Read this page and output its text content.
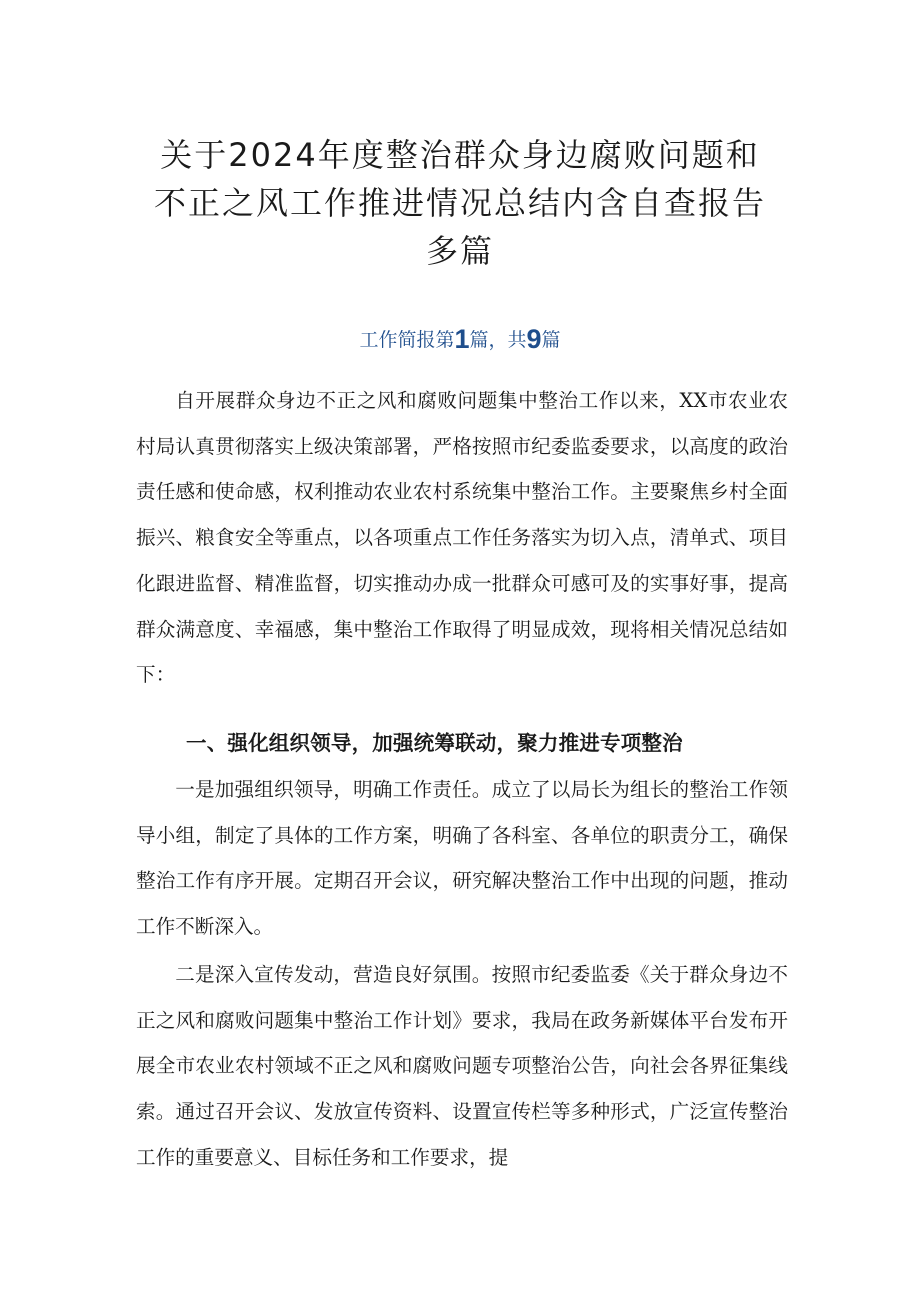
关于2024年度整治群众身边腐败问题和不正之风工作推进情况总结内含自查报告多篇
工作简报第1篇，共9篇

自开展群众身边不正之风和腐败问题集中整治工作以来，XX市农业农村局认真贯彻落实上级决策部署，严格按照市纪委监委要求，以高度的政治责任感和使命感，权利推动农业农村系统集中整治工作。主要聚焦乡村全面振兴、粮食安全等重点，以各项重点工作任务落实为切入点，清单式、项目化跟进监督、精准监督，切实推动办成一批群众可感可及的实事好事，提高群众满意度、幸福感，集中整治工作取得了明显成效，现将相关情况总结如下：

一、强化组织领导，加强统筹联动，聚力推进专项整治

一是加强组织领导，明确工作责任。成立了以局长为组长的整治工作领导小组，制定了具体的工作方案，明确了各科室、各单位的职责分工，确保整治工作有序开展。定期召开会议，研究解决整治工作中出现的问题，推动工作不断深入。

二是深入宣传发动，营造良好氛围。按照市纪委监委《关于群众身边不正之风和腐败问题集中整治工作计划》要求，我局在政务新媒体平台发布开展全市农业农村领域不正之风和腐败问题专项整治公告，向社会各界征集线索。通过召开会议、发放宣传资料、设置宣传栏等多种形式，广泛宣传整治工作的重要意义、目标任务和工作要求，提
